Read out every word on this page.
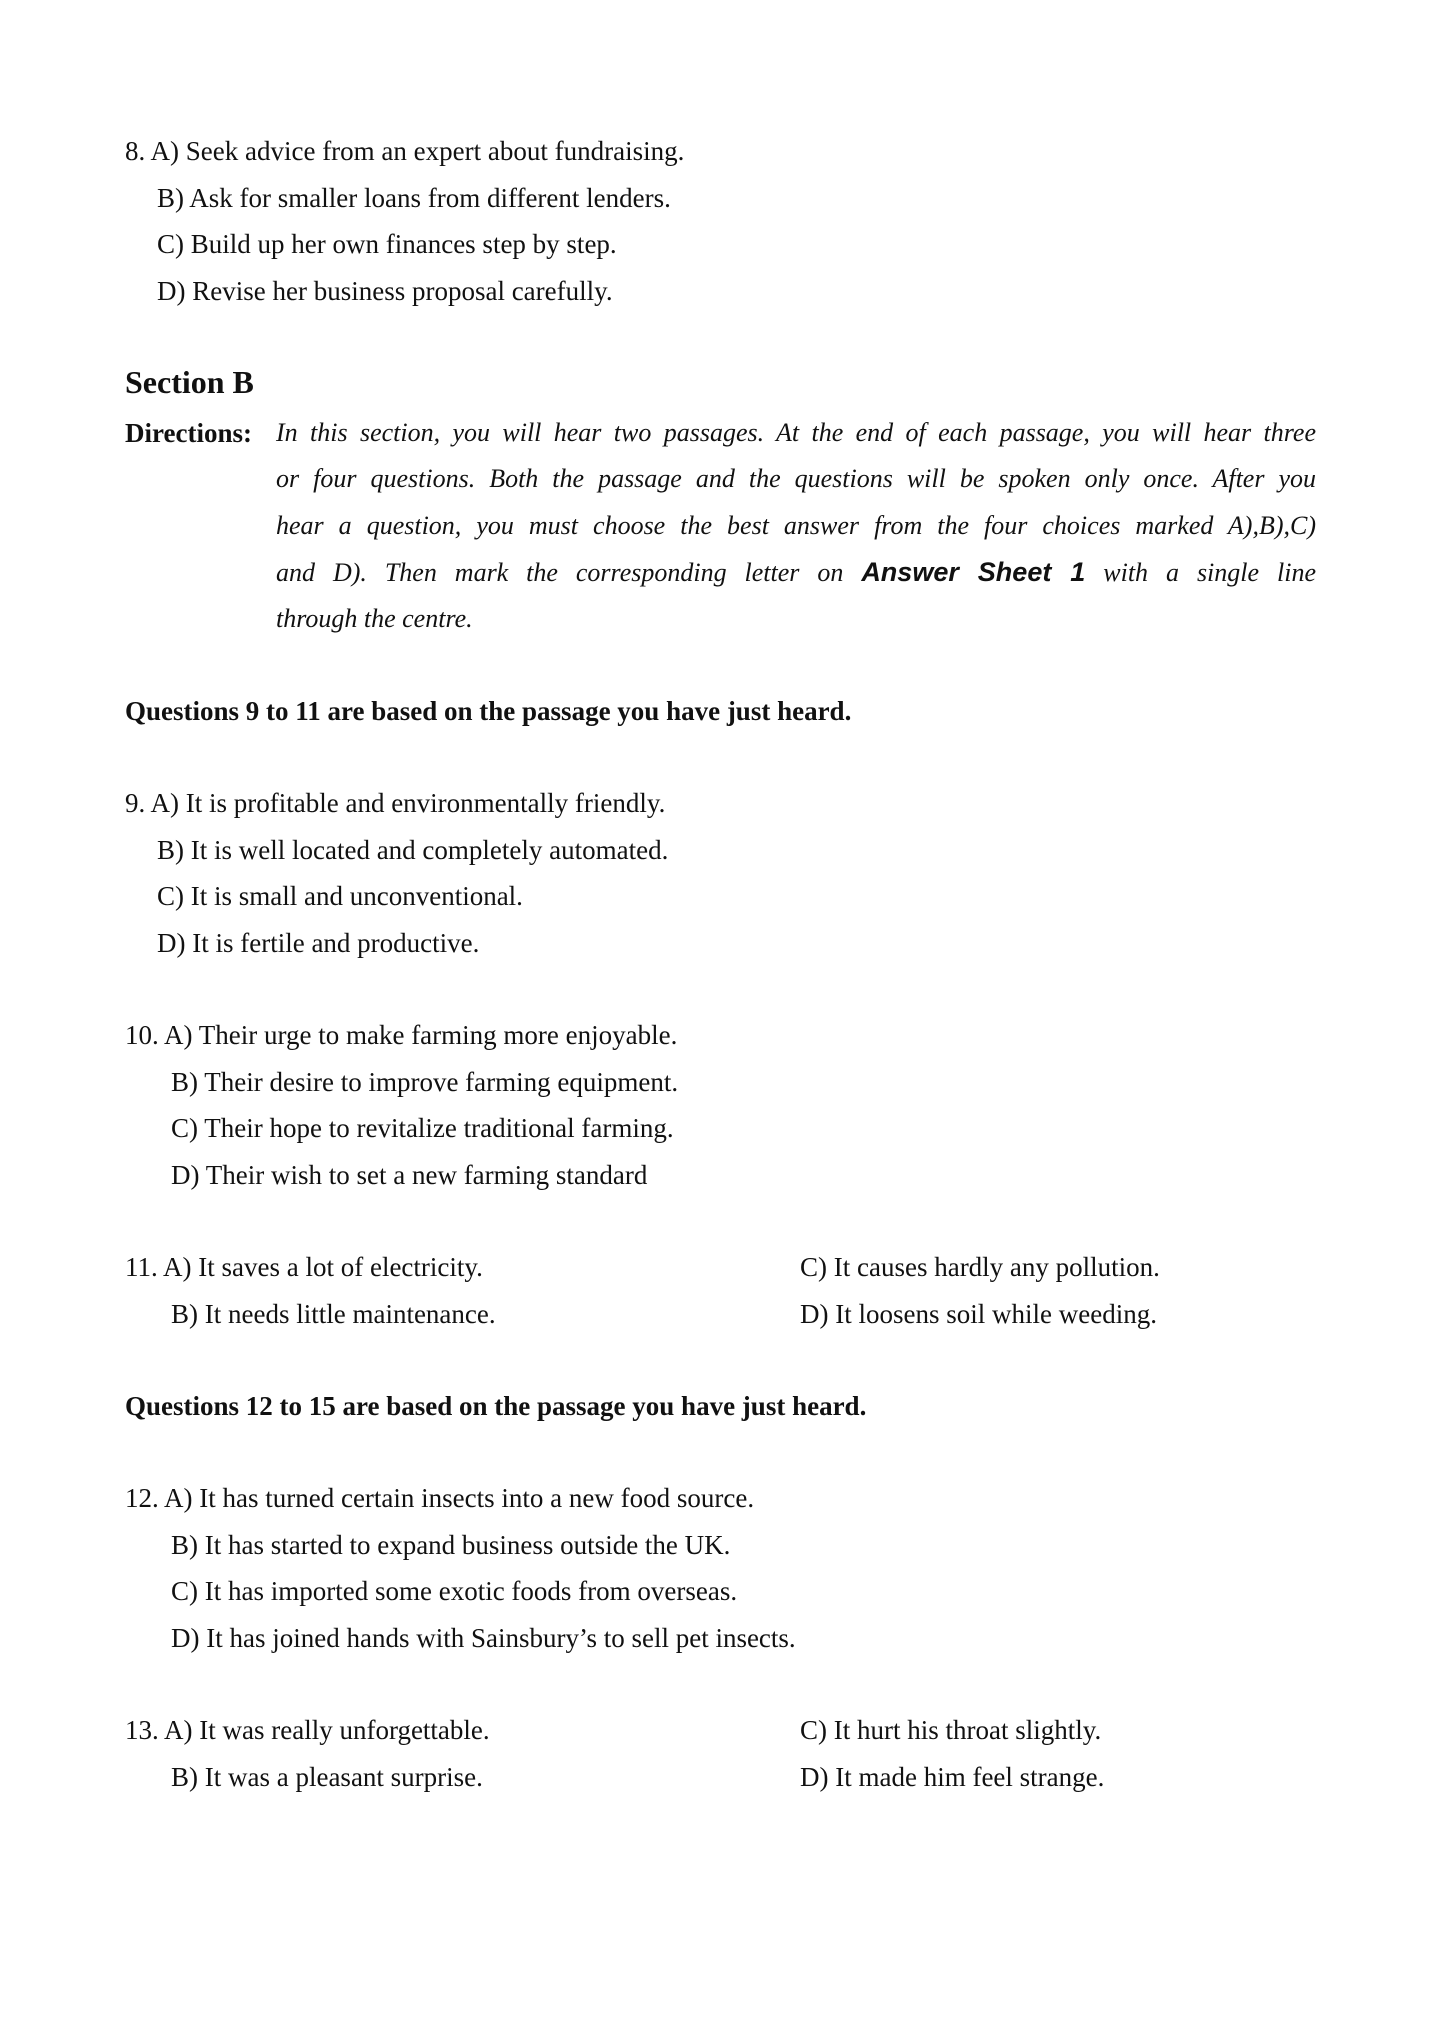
8. A) Seek advice from an expert about fundraising.
B) Ask for smaller loans from different lenders.
C) Build up her own finances step by step.
D) Revise her business proposal carefully.
Section B
Directions: In this section, you will hear two passages. At the end of each passage, you will hear three
or four questions. Both the passage and the questions will be spoken only once. After you
hear a question, you must choose the best answer from the four choices marked A),B),C)
and D). Then mark the corresponding letter on Answer Sheet 1 with a single line
through the centre.
Questions 9 to 11 are based on the passage you have just heard.
9. A) It is profitable and environmentally friendly.
B) It is well located and completely automated.
C) It is small and unconventional.
D) It is fertile and productive.
10. A) Their urge to make farming more enjoyable.
B) Their desire to improve farming equipment.
C) Their hope to revitalize traditional farming.
D) Their wish to set a new farming standard
11. A) It saves a lot of electricity.
B) It needs little maintenance.
C) It causes hardly any pollution.
D) It loosens soil while weeding.
Questions 12 to 15 are based on the passage you have just heard.
12. A) It has turned certain insects into a new food source.
B) It has started to expand business outside the UK.
C) It has imported some exotic foods from overseas.
D) It has joined hands with Sainsbury’s to sell pet insects.
13. A) It was really unforgettable.
B) It was a pleasant surprise.
C) It hurt his throat slightly.
D) It made him feel strange.
